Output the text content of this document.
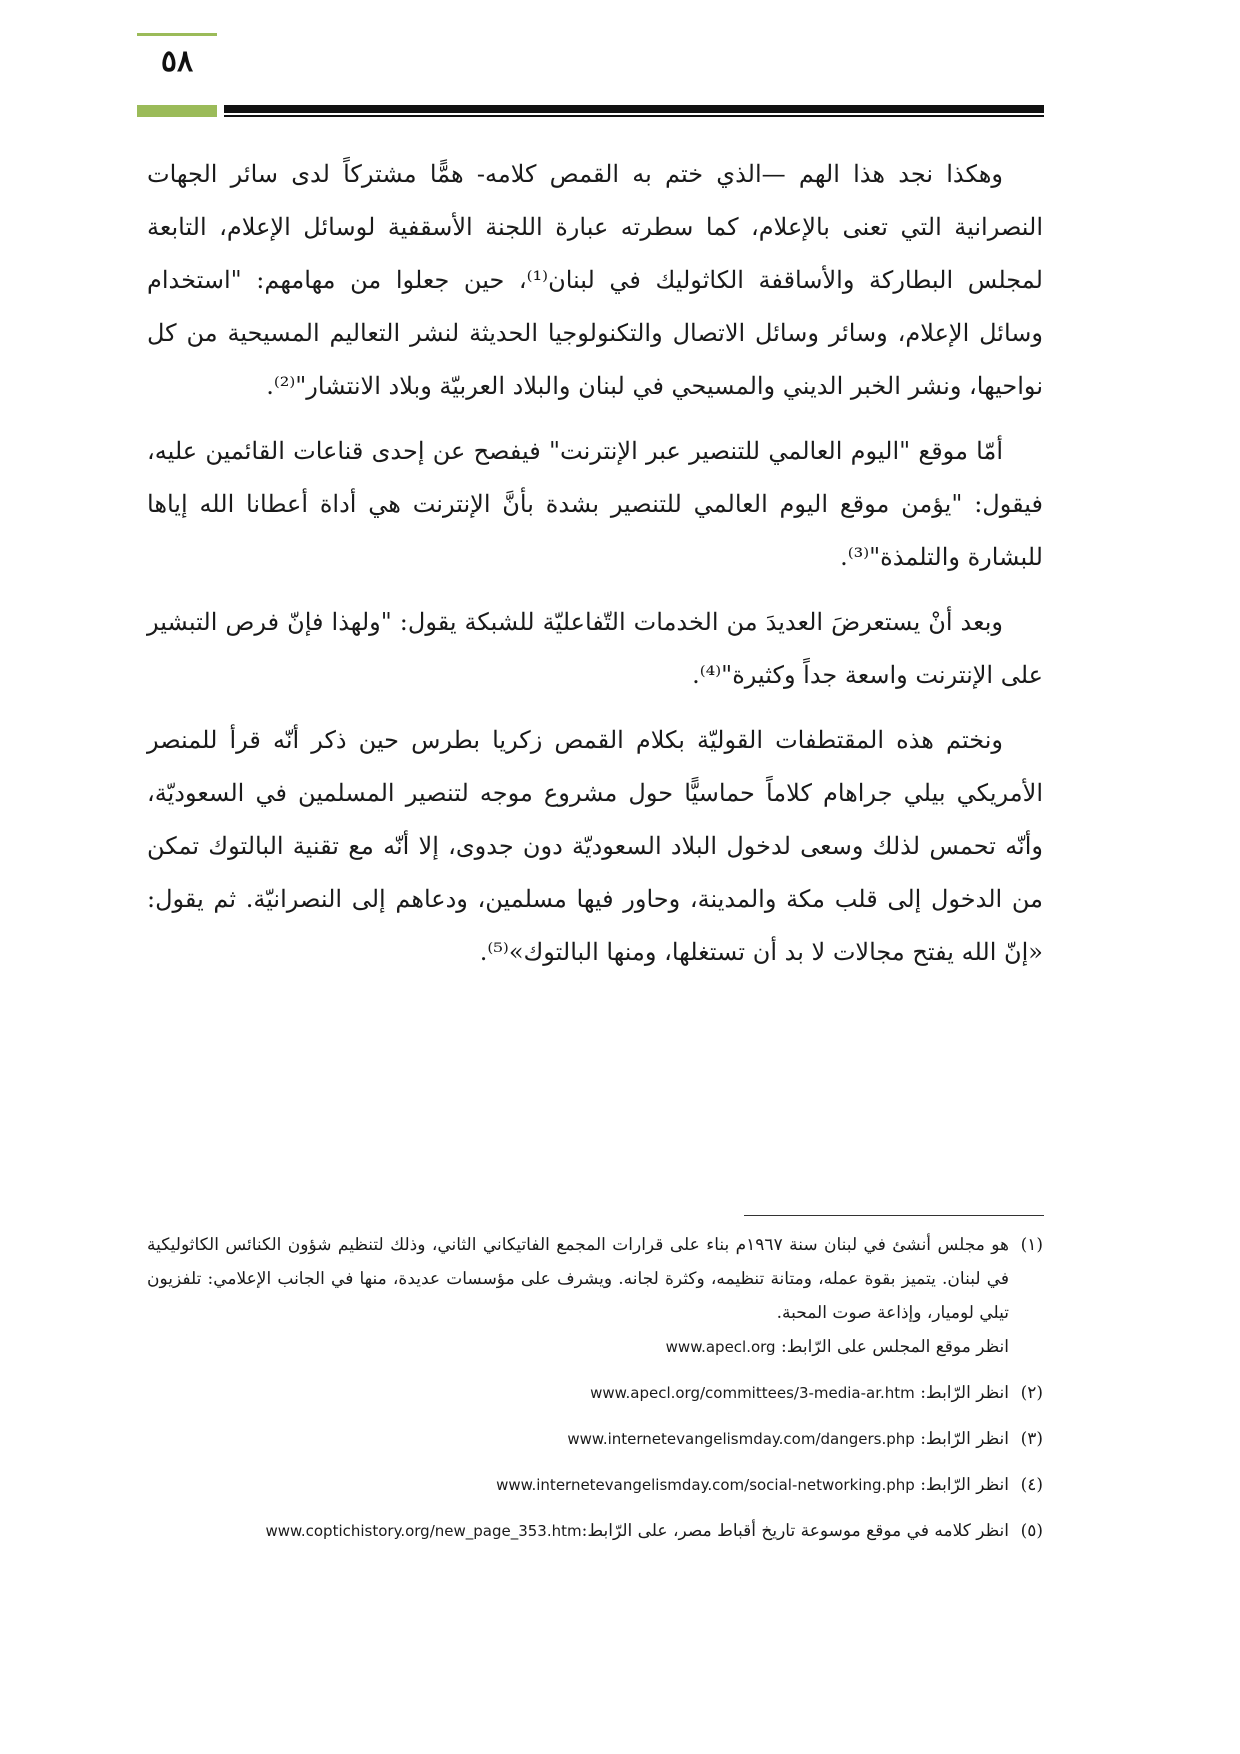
٥٨

وهكذا نجد هذا الهم —الذي ختم به القمص كلامه- همًّا مشتركاً لدى سائر الجهات النصرانية التي تعنى بالإعلام، كما سطرته عبارة اللجنة الأسقفية لوسائل الإعلام، التابعة لمجلس البطاركة والأساقفة الكاثوليك في لبنان⁽¹⁾، حين جعلوا من مهامهم: "استخدام وسائل الإعلام، وسائر وسائل الاتصال والتكنولوجيا الحديثة لنشر التعاليم المسيحية من كل نواحيها، ونشر الخبر الديني والمسيحي في لبنان والبلاد العربيّة وبلاد الانتشار"⁽²⁾.

أمّا موقع "اليوم العالمي للتنصير عبر الإنترنت" فيفصح عن إحدى قناعات القائمين عليه، فيقول: "يؤمن موقع اليوم العالمي للتنصير بشدة بأنَّ الإنترنت هي أداة أعطانا الله إياها للبشارة والتلمذة"⁽³⁾.

وبعد أنْ يستعرضَ العديدَ من الخدمات التّفاعليّة للشبكة يقول: "ولهذا فإنّ فرص التبشير على الإنترنت واسعة جداً وكثيرة"⁽⁴⁾.

ونختم هذه المقتطفات القوليّة بكلام القمص زكريا بطرس حين ذكر أنّه قرأ للمنصر الأمريكي بيلي جراهام كلاماً حماسيًّا حول مشروع موجه لتنصير المسلمين في السعوديّة، وأنّه تحمس لذلك وسعى لدخول البلاد السعوديّة دون جدوى، إلا أنّه مع تقنية البالتوك تمكن من الدخول إلى قلب مكة والمدينة، وحاور فيها مسلمين، ودعاهم إلى النصرانيّة. ثم يقول: «إنّ الله يفتح مجالات لا بد أن تستغلها، ومنها البالتوك»⁽⁵⁾.

(١)
هو مجلس أنشئ في لبنان سنة ١٩٦٧م بناء على قرارات المجمع الفاتيكاني الثاني، وذلك لتنظيم شؤون الكنائس الكاثوليكية في لبنان. يتميز بقوة عمله، ومتانة تنظيمه، وكثرة لجانه. ويشرف على مؤسسات عديدة، منها في الجانب الإعلامي: تلفزيون تيلي لوميار، وإذاعة صوت المحبة.
انظر موقع المجلس على الرّابط: www.apecl.org
(٢)
انظر الرّابط: www.apecl.org/committees/3-media-ar.htm
(٣)
انظر الرّابط: www.internetevangelismday.com/dangers.php
(٤)
انظر الرّابط: www.internetevangelismday.com/social-networking.php
(٥)
انظر كلامه في موقع موسوعة تاريخ أقباط مصر، على الرّابط:www.coptichistory.org/new_page_353.htm
